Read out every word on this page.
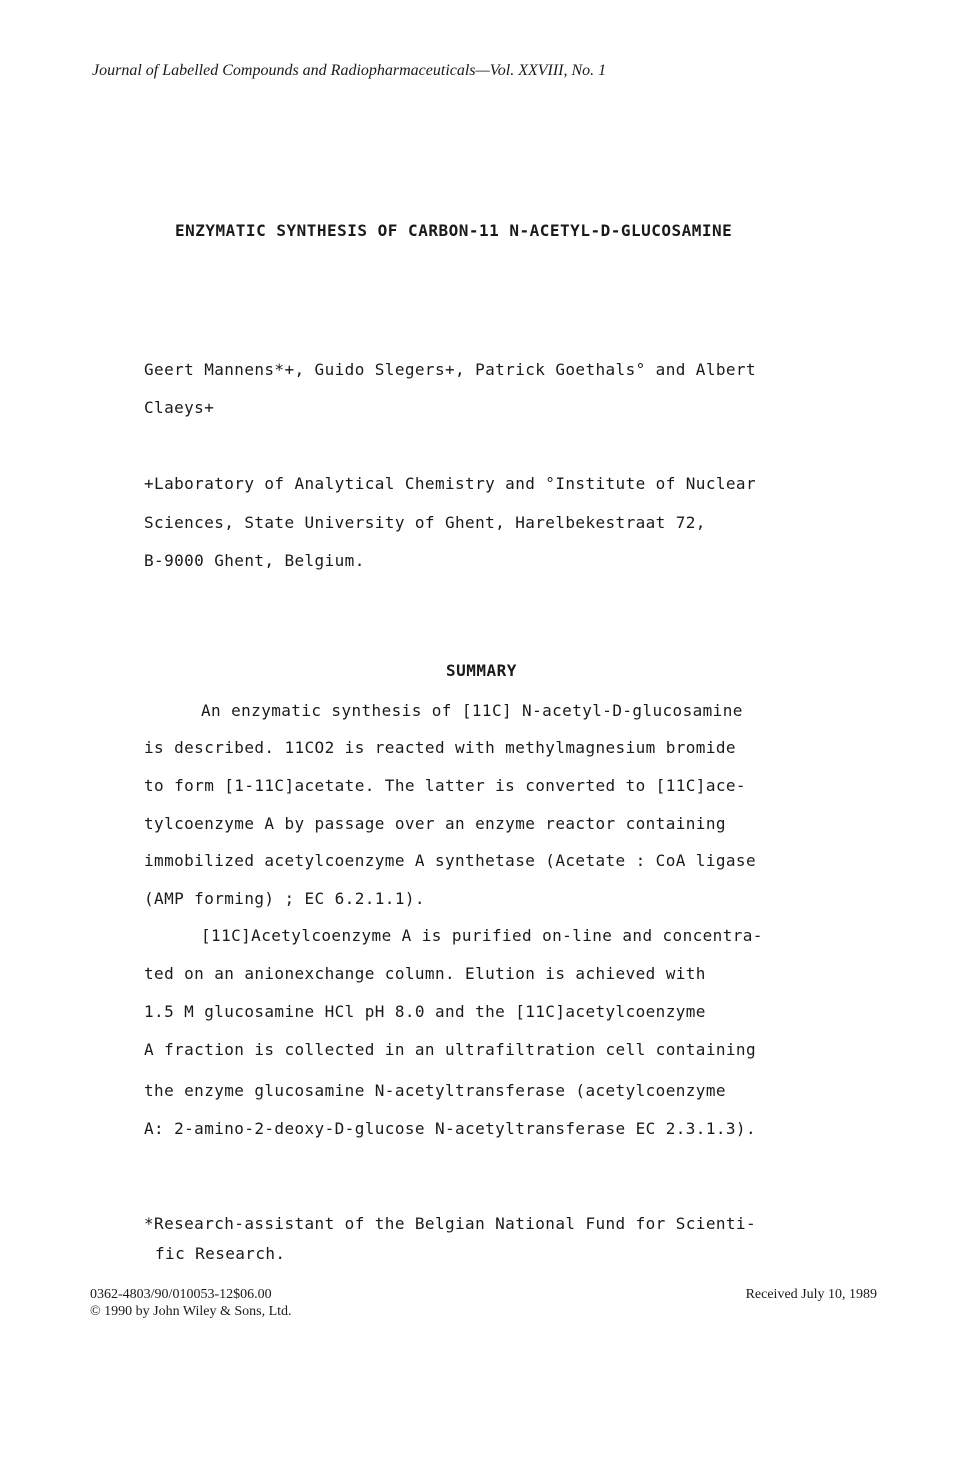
Journal of Labelled Compounds and Radiopharmaceuticals—Vol. XXVIII, No. 1
ENZYMATIC SYNTHESIS OF CARBON-11 N-ACETYL-D-GLUCOSAMINE
Geert Mannens*+, Guido Slegers+, Patrick Goethals° and Albert
Claeys+
+Laboratory of Analytical Chemistry and °Institute of Nuclear
Sciences, State University of Ghent, Harelbekestraat 72,
B-9000 Ghent, Belgium.
SUMMARY
An enzymatic synthesis of [11C] N-acetyl-D-glucosamine
is described. 11CO2 is reacted with methylmagnesium bromide
to form [1-11C]acetate. The latter is converted to [11C]ace-
tylcoenzyme A by passage over an enzyme reactor containing
immobilized acetylcoenzyme A synthetase (Acetate : CoA ligase
(AMP forming) ; EC 6.2.1.1).
[11C]Acetylcoenzyme A is purified on-line and concentra-
ted on an anionexchange column. Elution is achieved with
1.5 M glucosamine HCl pH 8.0 and the [11C]acetylcoenzyme
A fraction is collected in an ultrafiltration cell containing
the enzyme glucosamine N-acetyltransferase (acetylcoenzyme
A: 2-amino-2-deoxy-D-glucose N-acetyltransferase EC 2.3.1.3).
*Research-assistant of the Belgian National Fund for Scienti-
fic Research.
0362-4803/90/010053-12$06.00
© 1990 by John Wiley & Sons, Ltd.
Received July 10, 1989
